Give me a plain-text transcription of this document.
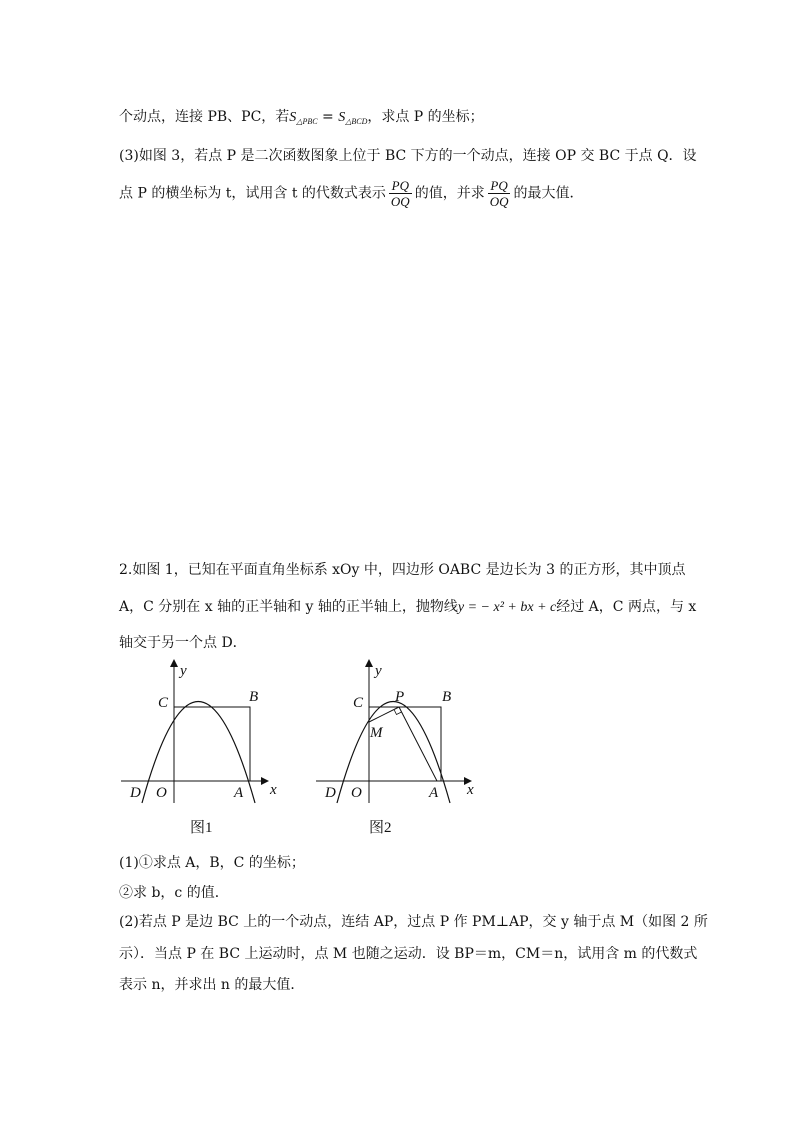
个动点，连接 PB、PC，若$S_{\triangle PBC} = S_{\triangle BCD}$，求点 P 的坐标；
(3)如图 3，若点 P 是二次函数图象上位于 BC 下方的一个动点，连接 OP 交 BC 于点 Q．设
点 P 的横坐标为 t，试用含 t 的代数式表示 $\frac{PQ}{OQ}$ 的值，并求 $\frac{PQ}{OQ}$ 的最大值．
2.如图 1，已知在平面直角坐标系 xOy 中，四边形 OABC 是边长为 3 的正方形，其中顶点
A，C 分别在 x 轴的正半轴和 y 轴的正半轴上，抛物线y = − x² + bx + c经过 A，C 两点，与 x
轴交于另一个点 D．
y
C	B
D O	A x
图1
y
C P	B
M
D O	A x
图2
(1)①求点 A，B，C 的坐标；
②求 b，c 的值．
(2)若点 P 是边 BC 上的一个动点，连结 AP，过点 P 作 PM⊥AP，交 y 轴于点 M（如图 2 所
示）．当点 P 在 BC 上运动时，点 M 也随之运动．设 BP＝m，CM＝n，试用含 m 的代数式
表示 n，并求出 n 的最大值．
